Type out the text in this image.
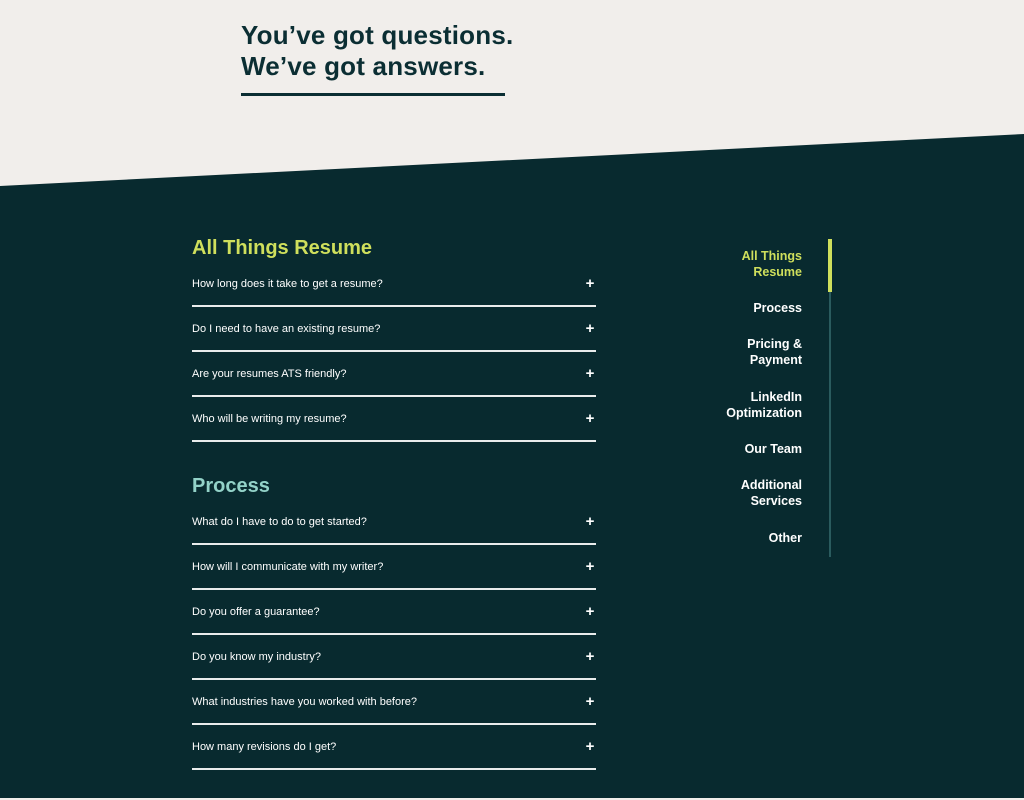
You’ve got questions.
We’ve got answers.
All Things Resume
How long does it take to get a resume?	+
Do I need to have an existing resume?	+
Are your resumes ATS friendly?	+
Who will be writing my resume?	+
Process
What do I have to do to get started?	+
How will I communicate with my writer?	+
Do you offer a guarantee?	+
Do you know my industry?	+
What industries have you worked with before?	+
How many revisions do I get?	+
All Things
Resume
Process
Pricing &
Payment
LinkedIn
Optimization
Our Team
Additional
Services
Other
